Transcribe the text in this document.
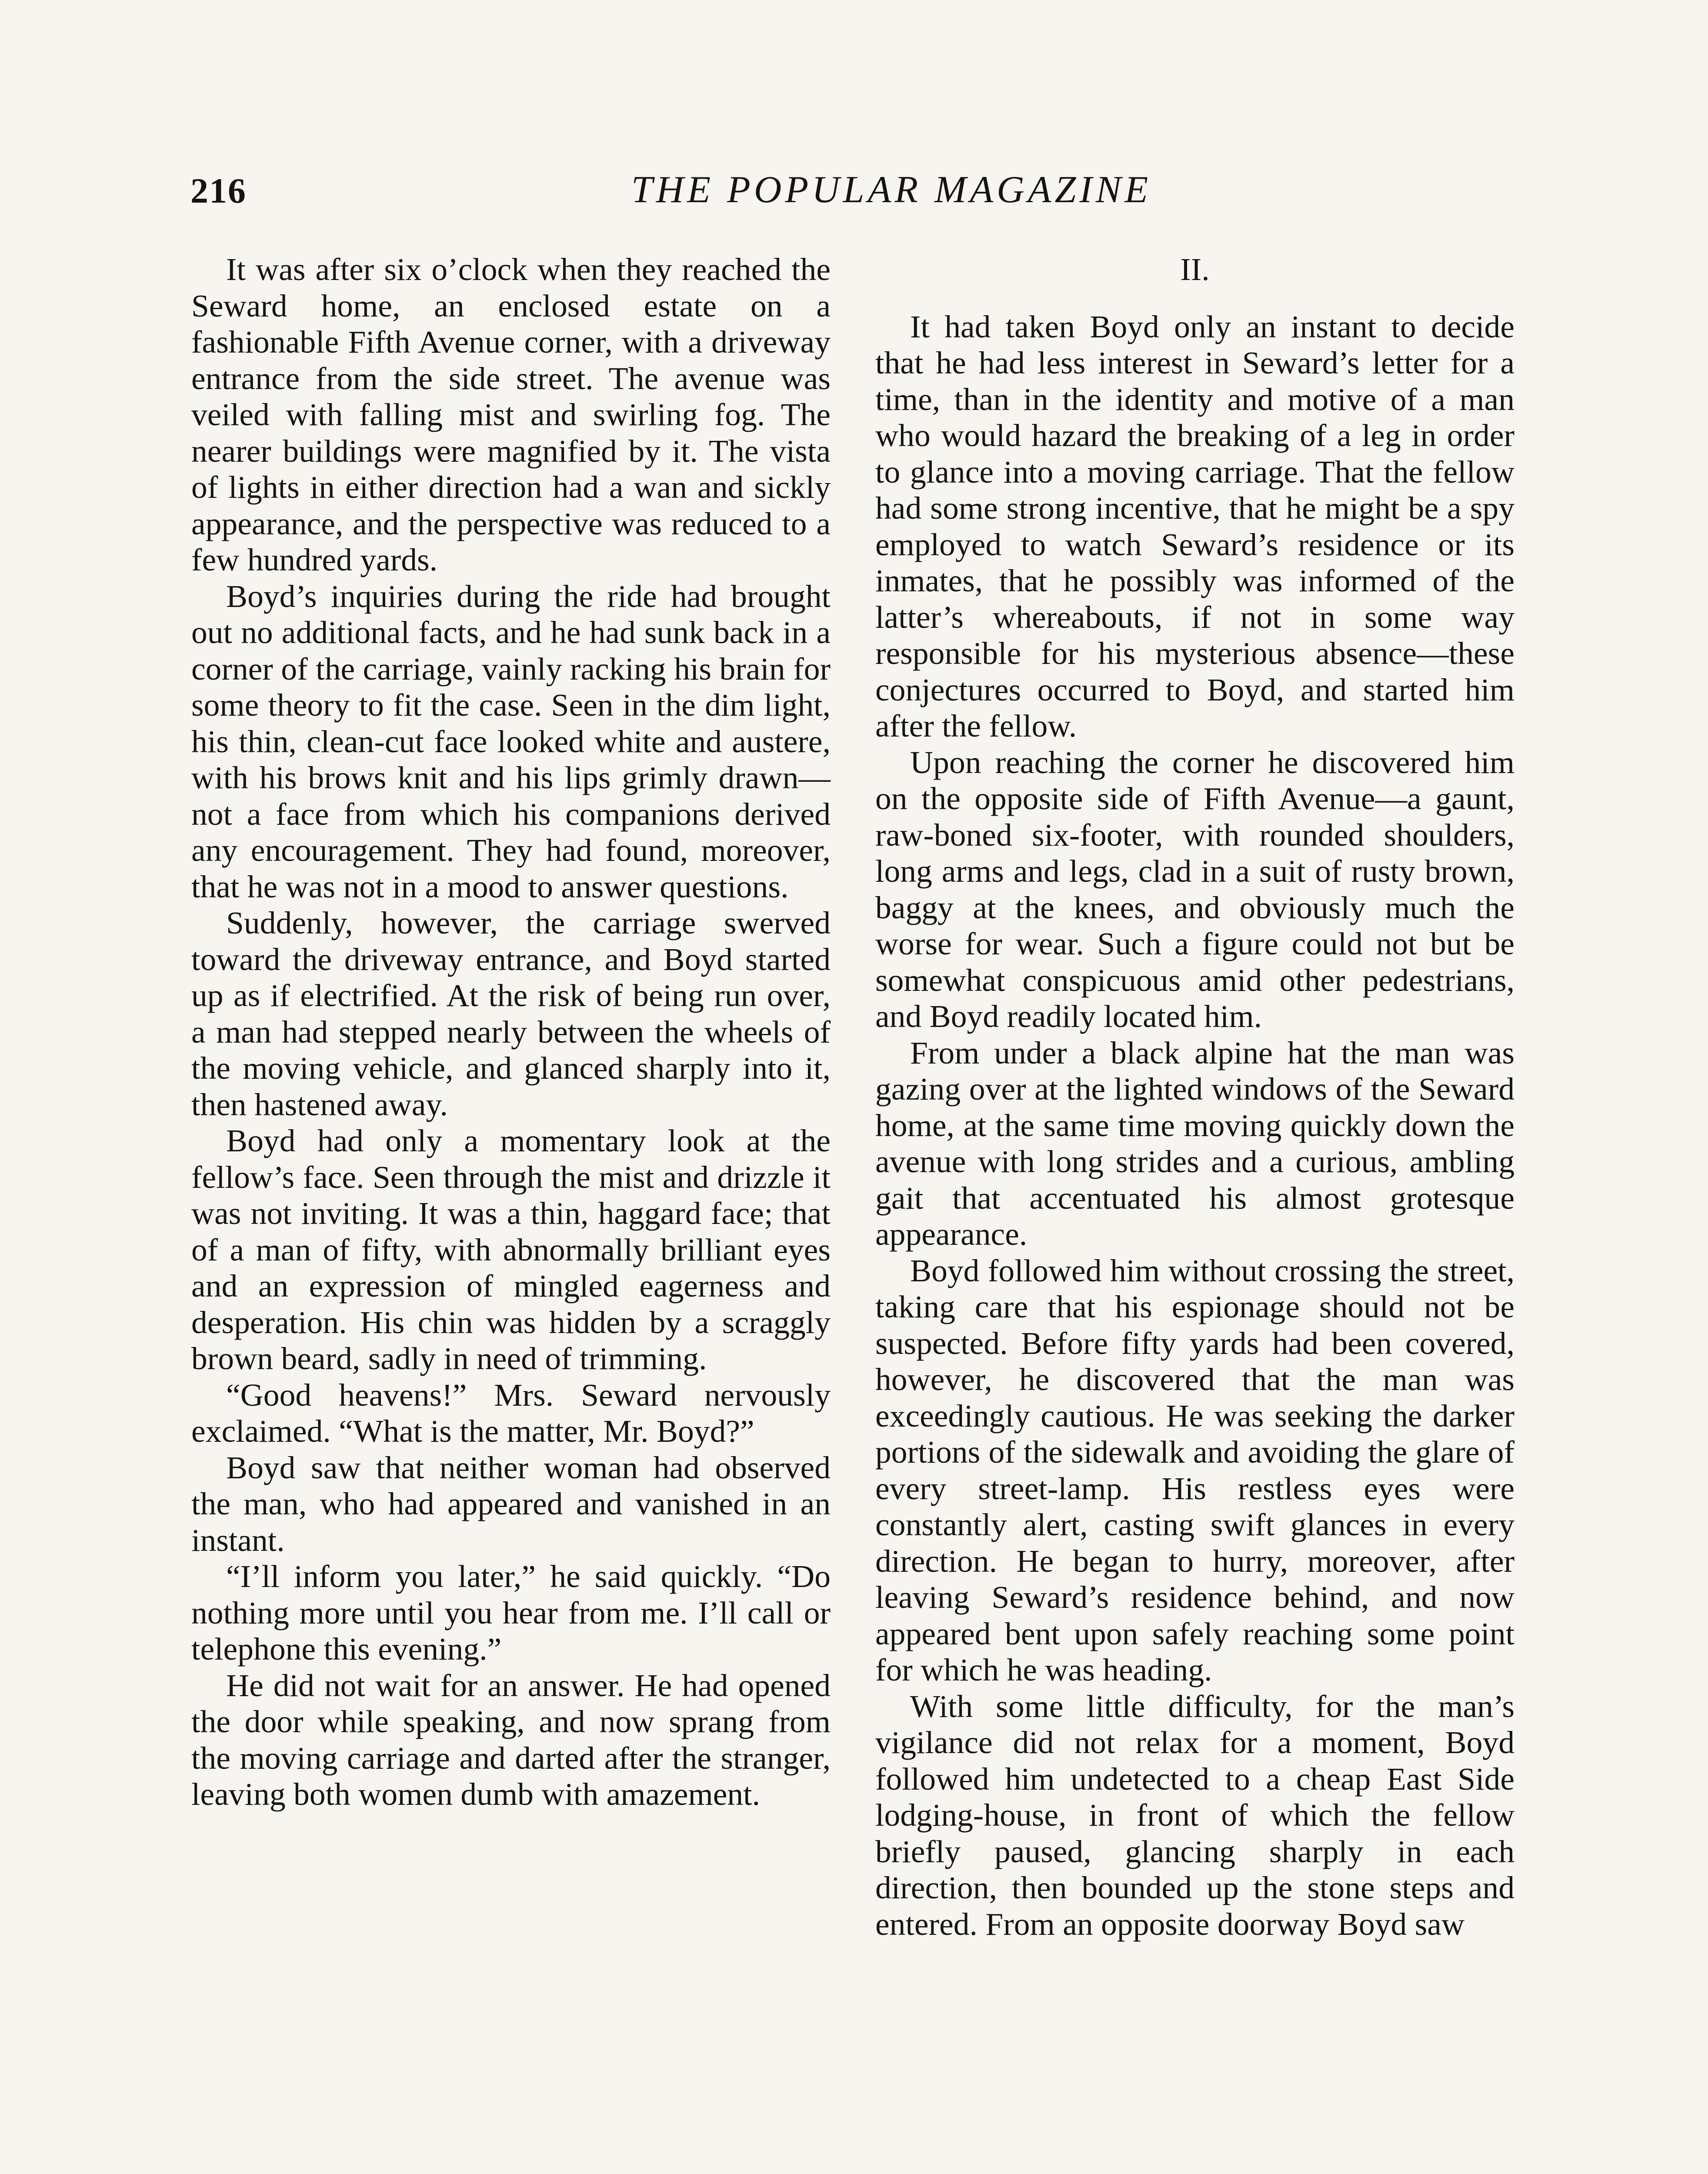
216	THE POPULAR MAGAZINE

It was after six o’clock when they reached the Seward home, an enclosed estate on a fashionable Fifth Avenue corner, with a driveway entrance from the side street. The avenue was veiled with falling mist and swirling fog. The nearer buildings were magnified by it. The vista of lights in either direction had a wan and sickly appearance, and the perspective was reduced to a few hundred yards.

Boyd’s inquiries during the ride had brought out no additional facts, and he had sunk back in a corner of the carriage, vainly racking his brain for some theory to fit the case. Seen in the dim light, his thin, clean-cut face looked white and austere, with his brows knit and his lips grimly drawn—not a face from which his companions derived any encouragement. They had found, moreover, that he was not in a mood to answer questions.

Suddenly, however, the carriage swerved toward the driveway entrance, and Boyd started up as if electrified. At the risk of being run over, a man had stepped nearly between the wheels of the moving vehicle, and glanced sharply into it, then hastened away.

Boyd had only a momentary look at the fellow’s face. Seen through the mist and drizzle it was not inviting. It was a thin, haggard face; that of a man of fifty, with abnormally brilliant eyes and an expression of mingled eagerness and desperation. His chin was hidden by a scraggly brown beard, sadly in need of trimming.

“Good heavens!” Mrs. Seward nervously exclaimed. “What is the matter, Mr. Boyd?”

Boyd saw that neither woman had observed the man, who had appeared and vanished in an instant.

“I’ll inform you later,” he said quickly. “Do nothing more until you hear from me. I’ll call or telephone this evening.”

He did not wait for an answer. He had opened the door while speaking, and now sprang from the moving carriage and darted after the stranger, leaving both women dumb with amazement.

II.

It had taken Boyd only an instant to decide that he had less interest in Seward’s letter for a time, than in the identity and motive of a man who would hazard the breaking of a leg in order to glance into a moving carriage. That the fellow had some strong incentive, that he might be a spy employed to watch Seward’s residence or its inmates, that he possibly was informed of the latter’s whereabouts, if not in some way responsible for his mysterious absence—these conjectures occurred to Boyd, and started him after the fellow.

Upon reaching the corner he discovered him on the opposite side of Fifth Avenue—a gaunt, raw-boned six-footer, with rounded shoulders, long arms and legs, clad in a suit of rusty brown, baggy at the knees, and obviously much the worse for wear. Such a figure could not but be somewhat conspicuous amid other pedestrians, and Boyd readily located him.

From under a black alpine hat the man was gazing over at the lighted windows of the Seward home, at the same time moving quickly down the avenue with long strides and a curious, ambling gait that accentuated his almost grotesque appearance.

Boyd followed him without crossing the street, taking care that his espionage should not be suspected. Before fifty yards had been covered, however, he discovered that the man was exceedingly cautious. He was seeking the darker portions of the sidewalk and avoiding the glare of every street-lamp. His restless eyes were constantly alert, casting swift glances in every direction. He began to hurry, moreover, after leaving Seward’s residence behind, and now appeared bent upon safely reaching some point for which he was heading.

With some little difficulty, for the man’s vigilance did not relax for a moment, Boyd followed him undetected to a cheap East Side lodging-house, in front of which the fellow briefly paused, glancing sharply in each direction, then bounded up the stone steps and entered. From an opposite doorway Boyd saw
